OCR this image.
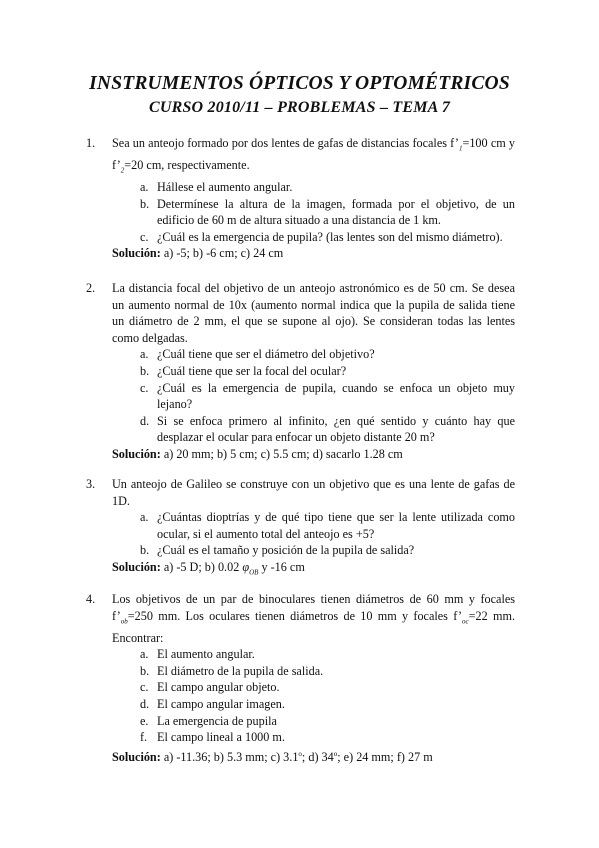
INSTRUMENTOS ÓPTICOS Y OPTOMÉTRICOS
CURSO 2010/11 – PROBLEMAS – TEMA 7
1. Sea un anteojo formado por dos lentes de gafas de distancias focales $f’_1=100$ cm y $f’_2=20$ cm, respectivamente.

a. Hállese el aumento angular.
b. Determínese la altura de la imagen, formada por el objetivo, de un edificio de 60 m de altura situado a una distancia de 1 km.
c. ¿Cuál es la emergencia de pupila? (las lentes son del mismo diámetro).

Solución: a) -5; b) -6 cm; c) 24 cm

2. La distancia focal del objetivo de un anteojo astronómico es de 50 cm. Se desea un aumento normal de 10x (aumento normal indica que la pupila de salida tiene un diámetro de 2 mm, el que se supone al ojo). Se consideran todas las lentes como delgadas.

a. ¿Cuál tiene que ser el diámetro del objetivo?
b. ¿Cuál tiene que ser la focal del ocular?
c. ¿Cuál es la emergencia de pupila, cuando se enfoca un objeto muy lejano?
d. Si se enfoca primero al infinito, ¿en qué sentido y cuánto hay que desplazar el ocular para enfocar un objeto distante 20 m?

Solución: a) 20 mm; b) 5 cm; c) 5.5 cm; d) sacarlo 1.28 cm

3. Un anteojo de Galileo se construye con un objetivo que es una lente de gafas de 1D.

a. ¿Cuántas dioptrías y de qué tipo tiene que ser la lente utilizada como ocular, si el aumento total del anteojo es +5?
b. ¿Cuál es el tamaño y posición de la pupila de salida?

Solución: a) -5 D; b) 0.02 $\varphi_{OB}$ y -16 cm

4. Los objetivos de un par de binoculares tienen diámetros de 60 mm y focales $f’_{ob}=250$ mm. Los oculares tienen diámetros de 10 mm y focales $f’_{oc}=22$ mm. Encontrar:

a. El aumento angular.
b. El diámetro de la pupila de salida.
c. El campo angular objeto.
d. El campo angular imagen.
e. La emergencia de pupila
f. El campo lineal a 1000 m.

Solución: a) -11.36; b) 5.3 mm; c) 3.1$^o$; d) 34$^o$; e) 24 mm; f) 27 m
